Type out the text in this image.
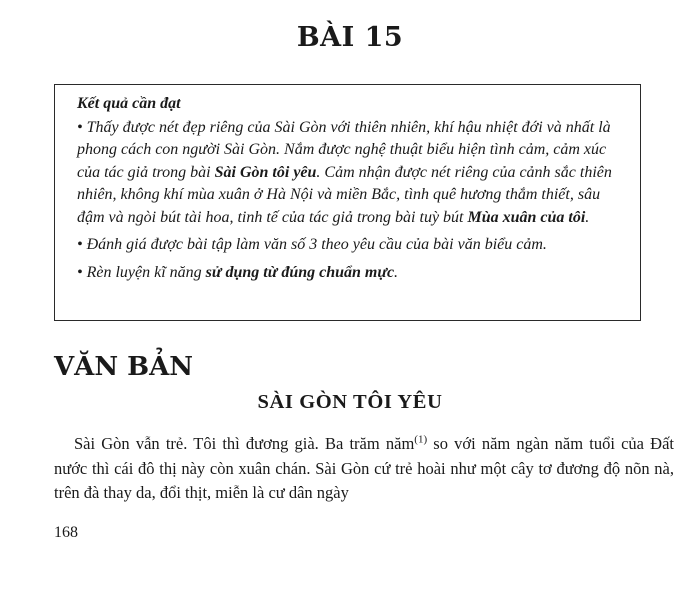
BÀI 15
Kết quả cần đạt
• Thấy được nét đẹp riêng của Sài Gòn với thiên nhiên, khí hậu nhiệt đới và nhất là phong cách con người Sài Gòn. Nắm được nghệ thuật biểu hiện tình cảm, cảm xúc của tác giả trong bài Sài Gòn tôi yêu. Cảm nhận được nét riêng của cảnh sắc thiên nhiên, không khí mùa xuân ở Hà Nội và miền Bắc, tình quê hương thắm thiết, sâu đậm và ngòi bút tài hoa, tinh tế của tác giả trong bài tuỳ bút Mùa xuân của tôi.
• Đánh giá được bài tập làm văn số 3 theo yêu cầu của bài văn biểu cảm.
• Rèn luyện kĩ năng sử dụng từ đúng chuẩn mực.
VĂN BẢN
SÀI GÒN TÔI YÊU

Sài Gòn vẫn trẻ. Tôi thì đương già. Ba trăm năm$^{(1)}$ so với năm ngàn năm tuổi của Đất nước thì cái đô thị này còn xuân chán. Sài Gòn cứ trẻ hoài như một cây tơ đương độ nõn nà, trên đà thay da, đổi thịt, miễn là cư dân ngày

168
